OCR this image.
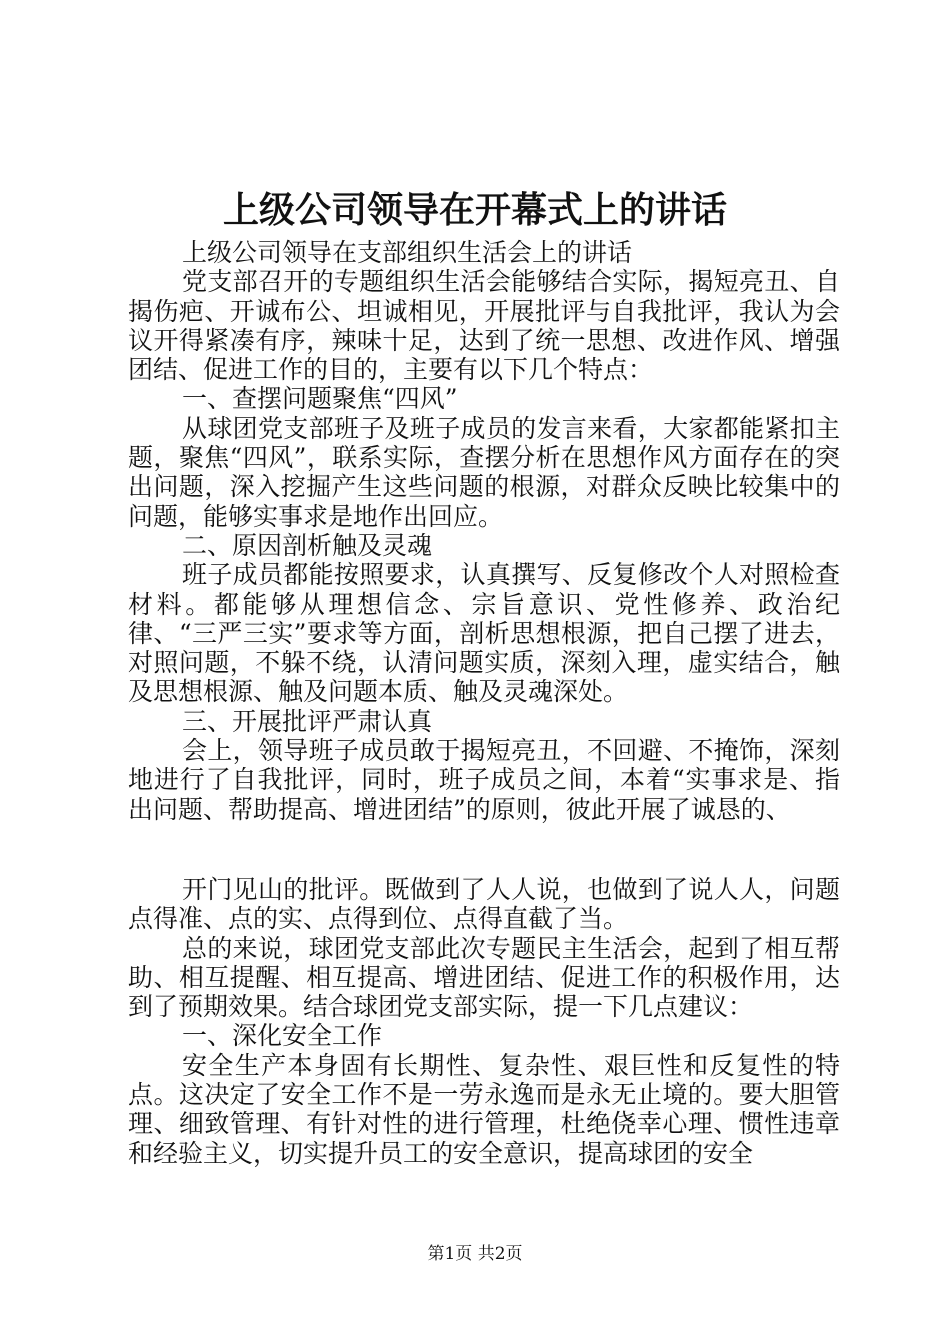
上级公司领导在开幕式上的讲话

上级公司领导在支部组织生活会上的讲话

党支部召开的专题组织生活会能够结合实际，揭短亮丑、自揭伤疤、开诚布公、坦诚相见，开展批评与自我批评，我认为会议开得紧凑有序，辣味十足，达到了统一思想、改进作风、增强团结、促进工作的目的，主要有以下几个特点：

一、查摆问题聚焦“四风”

从球团党支部班子及班子成员的发言来看，大家都能紧扣主题，聚焦“四风”，联系实际，查摆分析在思想作风方面存在的突出问题，深入挖掘产生这些问题的根源，对群众反映比较集中的问题，能够实事求是地作出回应。

二、原因剖析触及灵魂

班子成员都能按照要求，认真撰写、反复修改个人对照检查材料。都能够从理想信念、宗旨意识、党性修养、政治纪律、“三严三实”要求等方面，剖析思想根源，把自己摆了进去，对照问题，不躲不绕，认清问题实质，深刻入理，虚实结合，触及思想根源、触及问题本质、触及灵魂深处。

三、开展批评严肃认真

会上，领导班子成员敢于揭短亮丑，不回避、不掩饰，深刻地进行了自我批评，同时，班子成员之间，本着“实事求是、指出问题、帮助提高、增进团结”的原则，彼此开展了诚恳的、

开门见山的批评。既做到了人人说，也做到了说人人，问题点得准、点的实、点得到位、点得直截了当。

总的来说，球团党支部此次专题民主生活会，起到了相互帮助、相互提醒、相互提高、增进团结、促进工作的积极作用，达到了预期效果。结合球团党支部实际，提一下几点建议：

一、深化安全工作

安全生产本身固有长期性、复杂性、艰巨性和反复性的特点。这决定了安全工作不是一劳永逸而是永无止境的。要大胆管理、细致管理、有针对性的进行管理，杜绝侥幸心理、惯性违章和经验主义，切实提升员工的安全意识，提高球团的安全

第1页 共2页
